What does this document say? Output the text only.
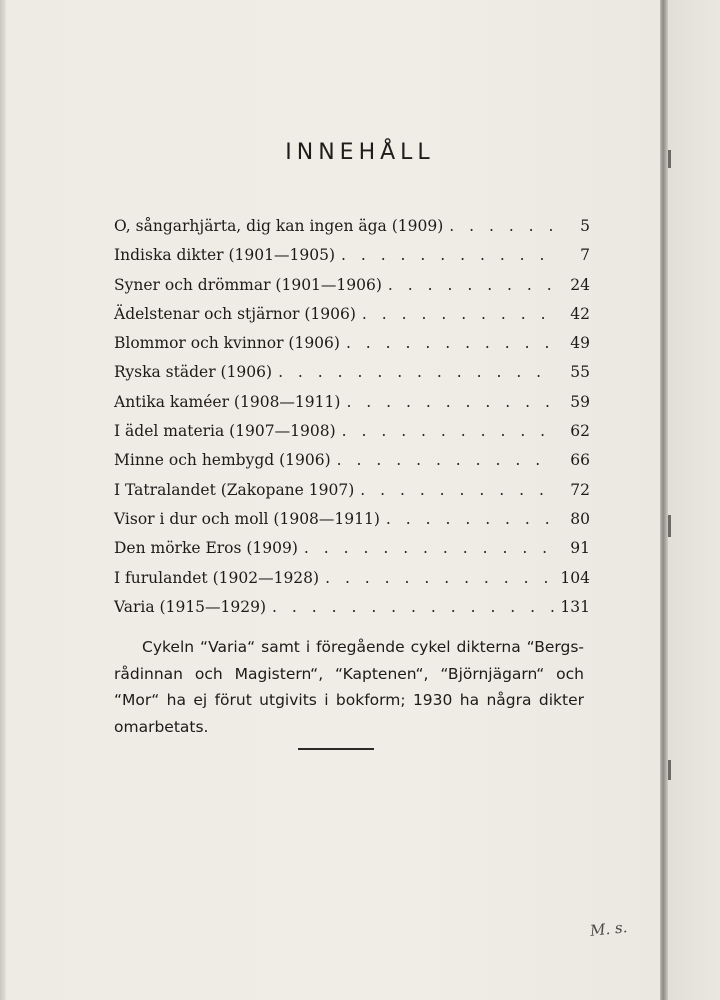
INNEHÅLL
O, sångarhjärta, dig kan ingen äga (1909) . . .	5
Indiska dikter (1901—1905) . . .	7
Syner och drömmar (1901—1906) . . .	24
Ädelstenar och stjärnor (1906) . . .	42
Blommor och kvinnor (1906) . . .	49
Ryska städer (1906) . . .	55
Antika kaméer (1908—1911) . . .	59
I ädel materia (1907—1908) . . .	62
Minne och hembygd (1906) . . .	66
I Tatralandet (Zakopane 1907) . . .	72
Visor i dur och moll (1908—1911) . . .	80
Den mörke Eros (1909) . . .	91
I furulandet (1902—1928) . . .	104
Varia (1915—1929) . . .	131

Cykeln “Varia“ samt i föregående cykel dikterna “Bergs-rådinnan och Magistern“, “Kaptenen“, “Björnjägarn“ och “Mor“ ha ej förut utgivits i bokform; 1930 ha några dikter omarbetats.

M. s.
